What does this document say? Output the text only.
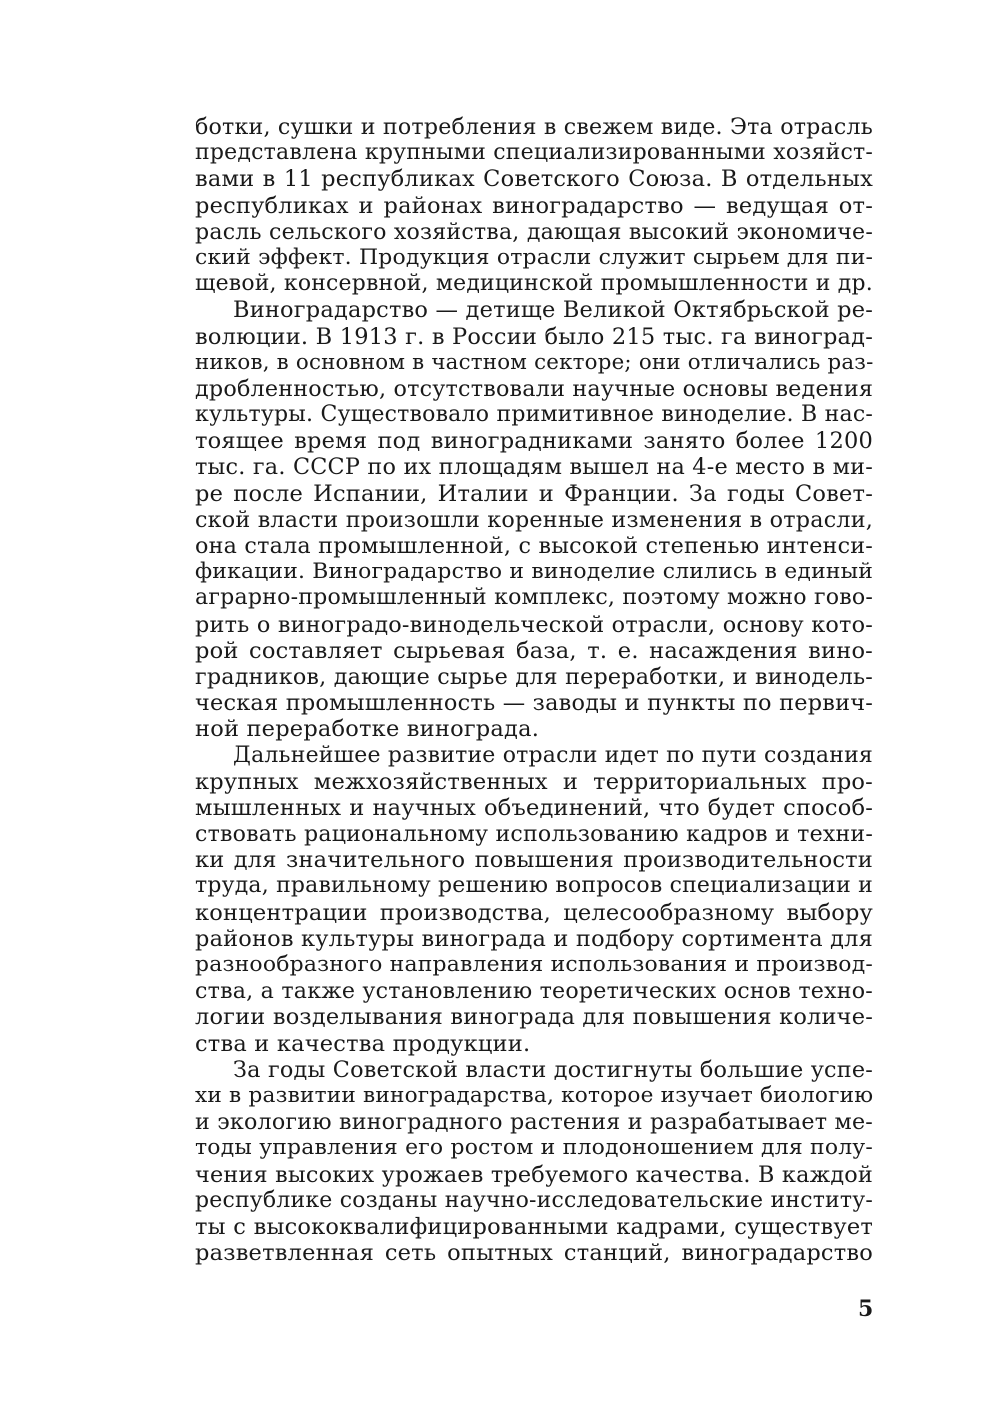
ботки, сушки и потребления в свежем виде. Эта отрасль
представлена крупными специализированными хозяйст-
вами в 11 республиках Советского Союза. В отдельных
республиках и районах виноградарство — ведущая от-
расль сельского хозяйства, дающая высокий экономиче-
ский эффект. Продукция отрасли служит сырьем для пи-
щевой, консервной, медицинской промышленности и др.
Виноградарство — детище Великой Октябрьской ре-
волюции. В 1913 г. в России было 215 тыс. га виноград-
ников, в основном в частном секторе; они отличались раз-
дробленностью, отсутствовали научные основы ведения
культуры. Существовало примитивное виноделие. В нас-
тоящее время под виноградниками занято более 1200
тыс. га. СССР по их площадям вышел на 4-е место в ми-
ре после Испании, Италии и Франции. За годы Совет-
ской власти произошли коренные изменения в отрасли,
она стала промышленной, с высокой степенью интенси-
фикации. Виноградарство и виноделие слились в единый
аграрно-промышленный комплекс, поэтому можно гово-
рить о виноградо-винодельческой отрасли, основу кото-
рой составляет сырьевая база, т. е. насаждения вино-
градников, дающие сырье для переработки, и винодель-
ческая промышленность — заводы и пункты по первич-
ной переработке винограда.
Дальнейшее развитие отрасли идет по пути создания
крупных межхозяйственных и территориальных про-
мышленных и научных объединений, что будет способ-
ствовать рациональному использованию кадров и техни-
ки для значительного повышения производительности
труда, правильному решению вопросов специализации и
концентрации производства, целесообразному выбору
районов культуры винограда и подбору сортимента для
разнообразного направления использования и производ-
ства, а также установлению теоретических основ техно-
логии возделывания винограда для повышения количе-
ства и качества продукции.
За годы Советской власти достигнуты большие успе-
хи в развитии виноградарства, которое изучает биологию
и экологию виноградного растения и разрабатывает ме-
тоды управления его ростом и плодоношением для полу-
чения высоких урожаев требуемого качества. В каждой
республике созданы научно-исследовательские институ-
ты с высококвалифицированными кадрами, существует
разветвленная сеть опытных станций, виноградарство
5
